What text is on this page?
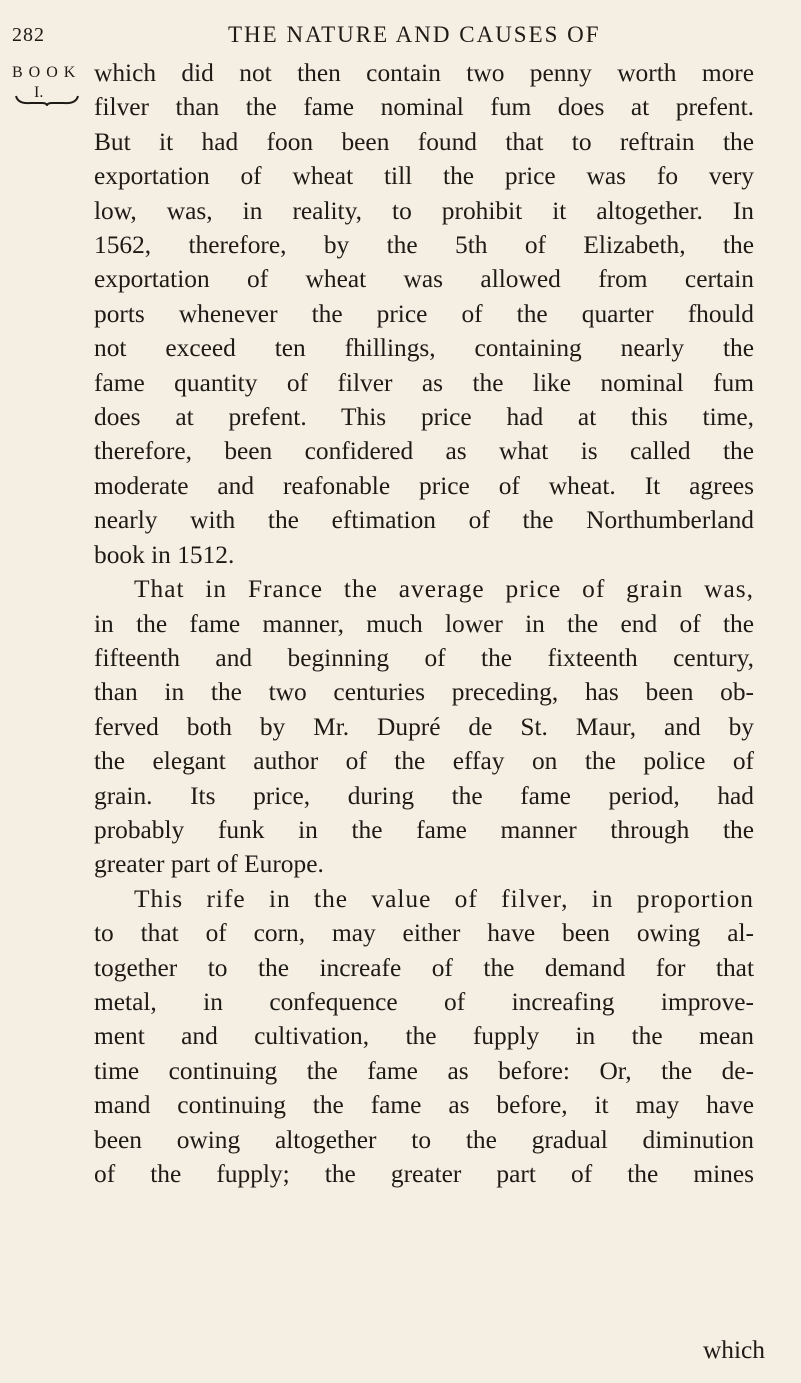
282	THE NATURE AND CAUSES OF
BOOK
I.
which did not then contain two penny worth more
filver than the fame nominal fum does at prefent.
But it had foon been found that to reftrain the
exportation of wheat till the price was fo very
low, was, in reality, to prohibit it altogether. In
1562, therefore, by the 5th of Elizabeth, the
exportation of wheat was allowed from certain
ports whenever the price of the quarter fhould
not exceed ten fhillings, containing nearly the
fame quantity of filver as the like nominal fum
does at prefent. This price had at this time,
therefore, been confidered as what is called the
moderate and reafonable price of wheat. It agrees
nearly with the eftimation of the Northumberland
book in 1512.
That in France the average price of grain was,
in the fame manner, much lower in the end of the
fifteenth and beginning of the fixteenth century,
than in the two centuries preceding, has been ob-
ferved both by Mr. Dupré de St. Maur, and by
the elegant author of the effay on the police of
grain. Its price, during the fame period, had
probably funk in the fame manner through the
greater part of Europe.
This rife in the value of filver, in proportion
to that of corn, may either have been owing al-
together to the increafe of the demand for that
metal, in confequence of increafing improve-
ment and cultivation, the fupply in the mean
time continuing the fame as before: Or, the de-
mand continuing the fame as before, it may have
been owing altogether to the gradual diminution
of the fupply; the greater part of the mines
which
